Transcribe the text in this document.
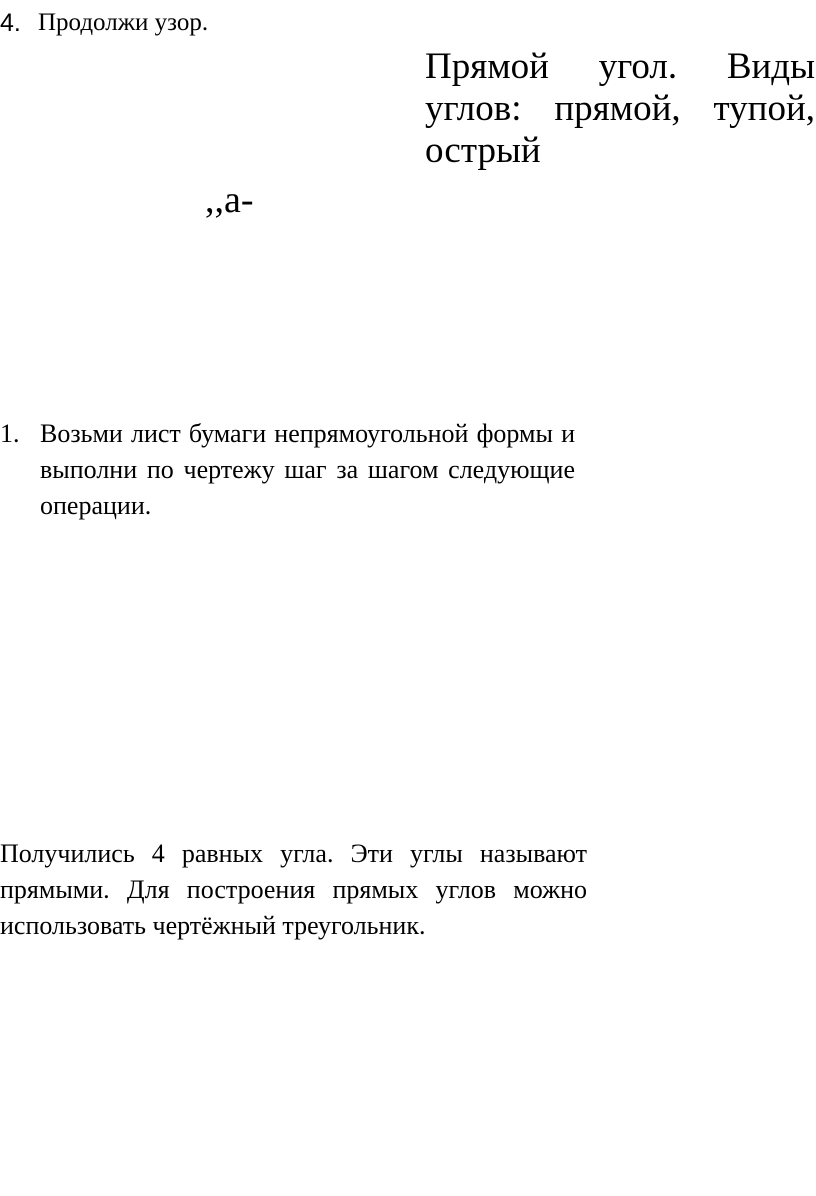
4. Продолжи узор.
Прямой угол. Виды углов: прямой, тупой, острый
,,а-
1. Возьми лист бумаги непрямоугольной формы и выполни по чертежу шаг за шагом следующие операции.
Получились 4 равных угла. Эти углы называют прямыми. Для построения прямых углов можно использовать чертёжный треугольник.
